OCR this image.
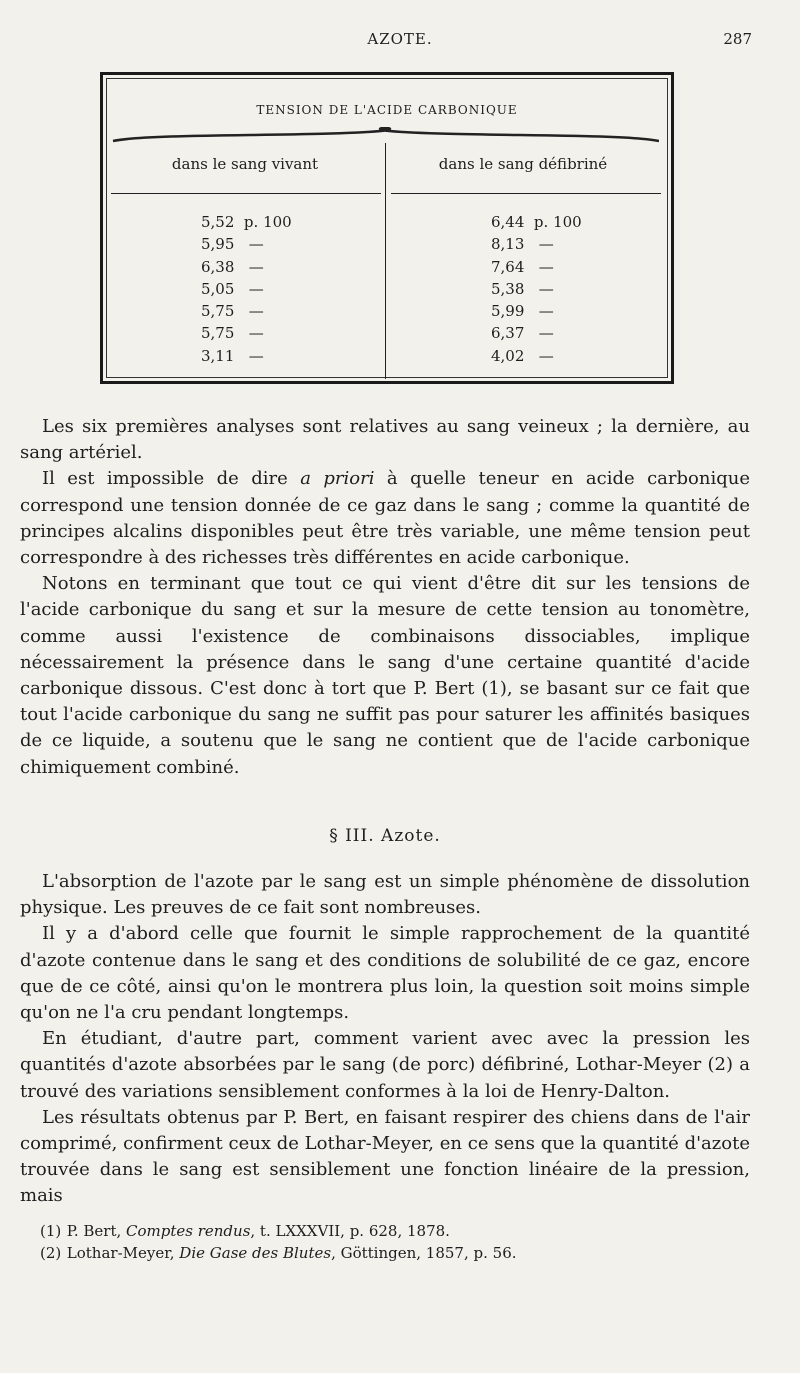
AZOTE.	287
TENSION DE L'ACIDE CARBONIQUE
dans le sang vivant	dans le sang défibriné
5,52  p. 100
5,95   —
6,38   —
5,05   —
5,75   —
5,75   —
3,11   —
6,44  p. 100
8,13   —
7,64   —
5,38   —
5,99   —
6,37   —
4,02   —

Les six premières analyses sont relatives au sang veineux ; la dernière, au sang artériel.

Il est impossible de dire a priori à quelle teneur en acide carbonique correspond une tension donnée de ce gaz dans le sang ; comme la quantité de principes alcalins disponibles peut être très variable, une même tension peut correspondre à des richesses très différentes en acide carbonique.

Notons en terminant que tout ce qui vient d'être dit sur les tensions de l'acide carbonique du sang et sur la mesure de cette tension au tonomètre, comme aussi l'existence de combinaisons dissociables, implique nécessairement la présence dans le sang d'une certaine quantité d'acide carbonique dissous. C'est donc à tort que P. Bert (1), se basant sur ce fait que tout l'acide carbonique du sang ne suffit pas pour saturer les affinités basiques de ce liquide, a soutenu que le sang ne contient que de l'acide carbonique chimiquement combiné.

§ III. Azote.

L'absorption de l'azote par le sang est un simple phénomène de dissolution physique. Les preuves de ce fait sont nombreuses.

Il y a d'abord celle que fournit le simple rapprochement de la quantité d'azote contenue dans le sang et des conditions de solubilité de ce gaz, encore que de ce côté, ainsi qu'on le montrera plus loin, la question soit moins simple qu'on ne l'a cru pendant longtemps.

En étudiant, d'autre part, comment varient avec avec la pression les quantités d'azote absorbées par le sang (de porc) défibriné, Lothar-Meyer (2) a trouvé des variations sensiblement conformes à la loi de Henry-Dalton.

Les résultats obtenus par P. Bert, en faisant respirer des chiens dans de l'air comprimé, confirment ceux de Lothar-Meyer, en ce sens que la quantité d'azote trouvée dans le sang est sensiblement une fonction linéaire de la pression, mais

(1) P. Bert, Comptes rendus, t. LXXXVII, p. 628, 1878.
(2) Lothar-Meyer, Die Gase des Blutes, Göttingen, 1857, p. 56.
